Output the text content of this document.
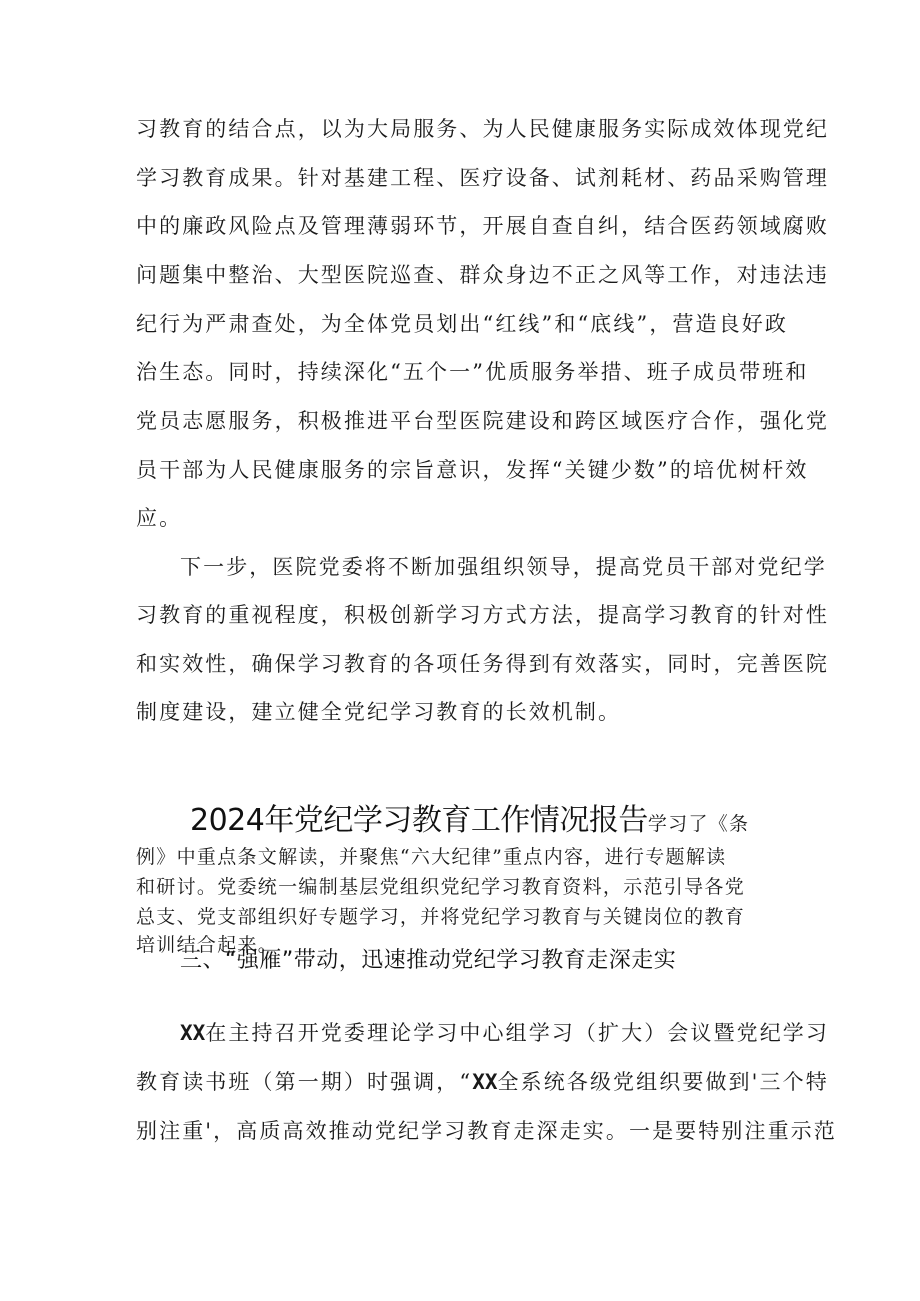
习教育的结合点，以为大局服务、为人民健康服务实际成效体现党纪
学习教育成果。针对基建工程、医疗设备、试剂耗材、药品采购管理
中的廉政风险点及管理薄弱环节，开展自查自纠，结合医药领域腐败
问题集中整治、大型医院巡查、群众身边不正之风等工作，对违法违
纪行为严肃查处，为全体党员划出“红线”和“底线”，营造良好政
治生态。同时，持续深化“五个一”优质服务举措、班子成员带班和
党员志愿服务，积极推进平台型医院建设和跨区域医疗合作，强化党
员干部为人民健康服务的宗旨意识，发挥“关键少数”的培优树杆效
应。
下一步，医院党委将不断加强组织领导，提高党员干部对党纪学
习教育的重视程度，积极创新学习方式方法，提高学习教育的针对性
和实效性，确保学习教育的各项任务得到有效落实，同时，完善医院
制度建设，建立健全党纪学习教育的长效机制。
2024年党纪学习教育工作情况报告学习了《条
例》中重点条文解读，并聚焦“六大纪律”重点内容，进行专题解读
和研讨。党委统一编制基层党组织党纪学习教育资料，示范引导各党
总支、党支部组织好专题学习，并将党纪学习教育与关键岗位的教育
培训结合起来。
三、“强雁”带动，迅速推动党纪学习教育走深走实
XX在主持召开党委理论学习中心组学习（扩大）会议暨党纪学习
教育读书班（第一期）时强调，“XX全系统各级党组织要做到'三个特
别注重'，高质高效推动党纪学习教育走深走实。一是要特别注重示范
